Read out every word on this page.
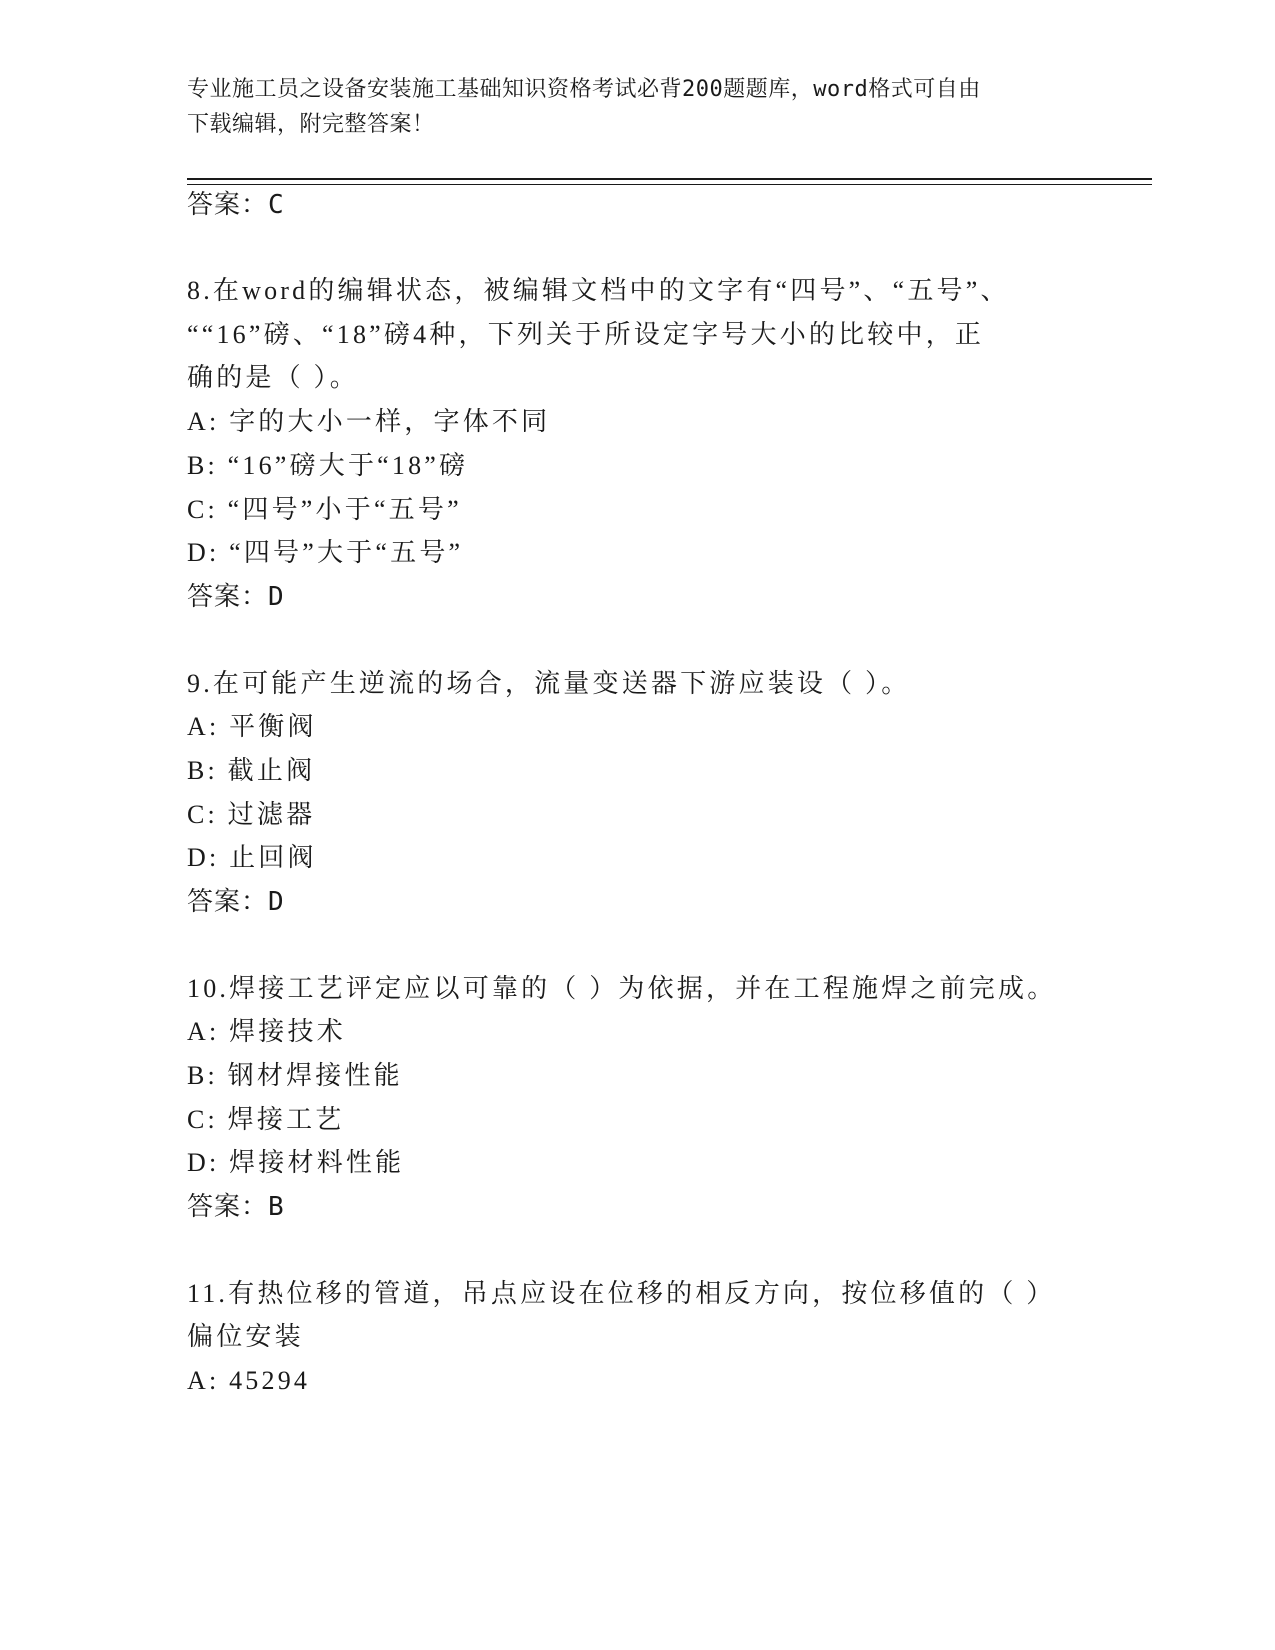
专业施工员之设备安装施工基础知识资格考试必背200题题库，word格式可自由
下载编辑，附完整答案！
答案：C
8.在word的编辑状态，被编辑文档中的文字有“四号”、“五号”、
““16”磅、“18”磅4种，下列关于所设定字号大小的比较中，正
确的是（ ）。
A: 字的大小一样，字体不同
B: “16”磅大于“18”磅
C: “四号”小于“五号”
D: “四号”大于“五号”
答案：D
9.在可能产生逆流的场合，流量变送器下游应装设（ ）。
A: 平衡阀
B: 截止阀
C: 过滤器
D: 止回阀
答案：D
10.焊接工艺评定应以可靠的（ ）为依据，并在工程施焊之前完成。
A: 焊接技术
B: 钢材焊接性能
C: 焊接工艺
D: 焊接材料性能
答案：B
11.有热位移的管道，吊点应设在位移的相反方向，按位移值的（ ）
偏位安装
A: 45294
